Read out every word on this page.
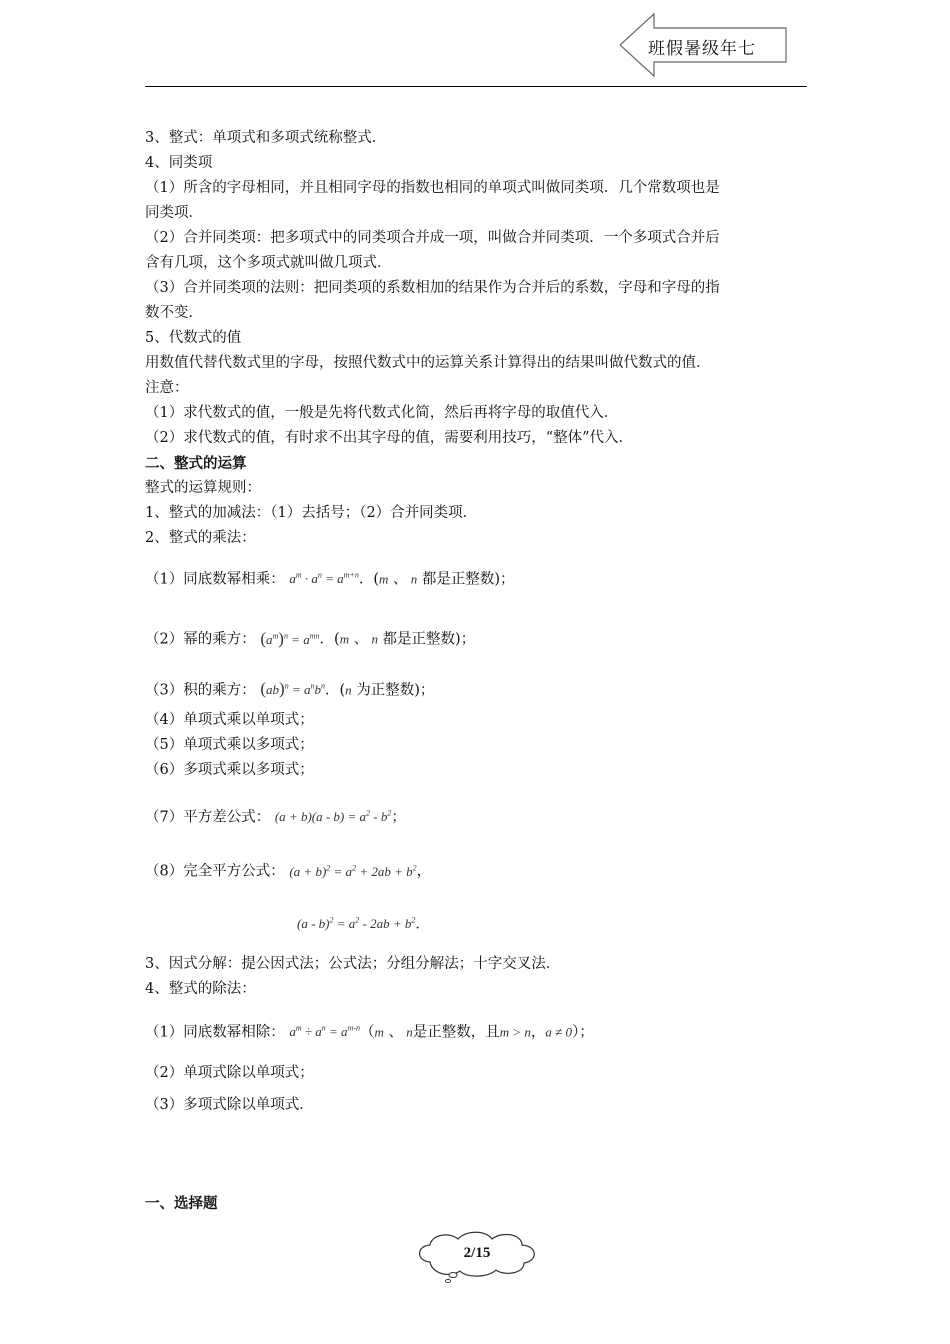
班假暑级年七
3、整式：单项式和多项式统称整式．
4、同类项
（1）所含的字母相同，并且相同字母的指数也相同的单项式叫做同类项．几个常数项也是
同类项．
（2）合并同类项：把多项式中的同类项合并成一项，叫做合并同类项．一个多项式合并后
含有几项，这个多项式就叫做几项式．
（3）合并同类项的法则：把同类项的系数相加的结果作为合并后的系数，字母和字母的指
数不变．
5、代数式的值
用数值代替代数式里的字母，按照代数式中的运算关系计算得出的结果叫做代数式的值．
注意：
（1）求代数式的值，一般是先将代数式化简，然后再将字母的取值代入．
（2）求代数式的值，有时求不出其字母的值，需要利用技巧，“整体”代入．
二、整式的运算
整式的运算规则：
1、整式的加减法：（1）去括号；（2）合并同类项．
2、整式的乘法：
（1）同底数幂相乘： $a^m \cdot a^n = a^{m+n}$．(m 、 n 都是正整数)；
（2）幂的乘方： $(a^m)^n = a^{mn}$．(m 、 n 都是正整数)；
（3）积的乘方： $(ab)^n = a^nb^n$．(n 为正整数)；
（4）单项式乘以单项式；
（5）单项式乘以多项式；
（6）多项式乘以多项式；
（7）平方差公式： $(a + b)(a - b) = a^2 - b^2$；
（8）完全平方公式： $(a + b)^2 = a^2 + 2ab + b^2$，
$(a - b)^2 = a^2 - 2ab + b^2$．
3、因式分解：提公因式法；公式法；分组分解法；十字交叉法．
4、整式的除法：
（1）同底数幂相除： $a^m \div a^n = a^{m-n}(m$ 、 n是正整数，且m > n，a ≠ 0）；
（2）单项式除以单项式；
（3）多项式除以单项式．
一、选择题
2/15
